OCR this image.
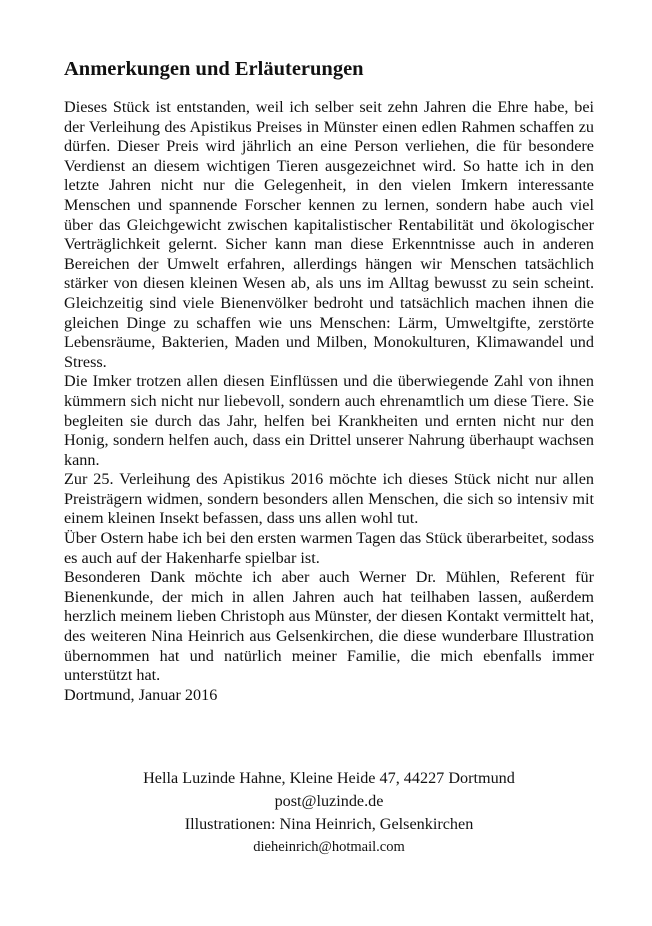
Anmerkungen und Erläuterungen

Dieses Stück ist entstanden, weil ich selber seit zehn Jahren die Ehre habe, bei der Verleihung des Apistikus Preises in Münster einen edlen Rahmen schaffen zu dürfen. Dieser Preis wird jährlich an eine Person verliehen, die für besondere Verdienst an diesem wichtigen Tieren ausgezeichnet wird. So hatte ich in den letzte Jahren nicht nur die Gelegenheit, in den vielen Imkern interessante Menschen und spannende Forscher kennen zu lernen, sondern habe auch viel über das Gleichgewicht zwischen kapitalistischer Rentabilität und ökologischer Verträglichkeit gelernt. Sicher kann man diese Erkenntnisse auch in anderen Bereichen der Umwelt erfahren, allerdings hängen wir Menschen tatsächlich stärker von diesen kleinen Wesen ab, als uns im Alltag bewusst zu sein scheint. Gleichzeitig sind viele Bienenvölker bedroht und tatsächlich machen ihnen die gleichen Dinge zu schaffen wie uns Menschen: Lärm, Umweltgifte, zerstörte Lebensräume, Bakterien, Maden und Milben, Monokulturen, Klimawandel und Stress.

Die Imker trotzen allen diesen Einflüssen und die überwiegende Zahl von ihnen kümmern sich nicht nur liebevoll, sondern auch ehrenamtlich um diese Tiere. Sie begleiten sie durch das Jahr, helfen bei Krankheiten und ernten nicht nur den Honig, sondern helfen auch, dass ein Drittel unserer Nahrung überhaupt wachsen kann.

Zur 25. Verleihung des Apistikus 2016 möchte ich dieses Stück nicht nur allen Preisträgern widmen, sondern besonders allen Menschen, die sich so intensiv mit einem kleinen Insekt befassen, dass uns allen wohl tut.

Über Ostern habe ich bei den ersten warmen Tagen das Stück überarbeitet, sodass es auch auf der Hakenharfe spielbar ist.

Besonderen Dank möchte ich aber auch Werner Dr. Mühlen, Referent für Bienenkunde, der mich in allen Jahren auch hat teilhaben lassen, außerdem herzlich meinem lieben Christoph aus Münster, der diesen Kontakt vermittelt hat, des weiteren Nina Heinrich aus Gelsenkirchen, die diese wunderbare Illustration übernommen hat und natürlich meiner Familie, die mich ebenfalls immer unterstützt hat.

Dortmund, Januar 2016

Hella Luzinde Hahne, Kleine Heide 47, 44227 Dortmund

post@luzinde.de

Illustrationen: Nina Heinrich, Gelsenkirchen

dieheinrich@hotmail.com
